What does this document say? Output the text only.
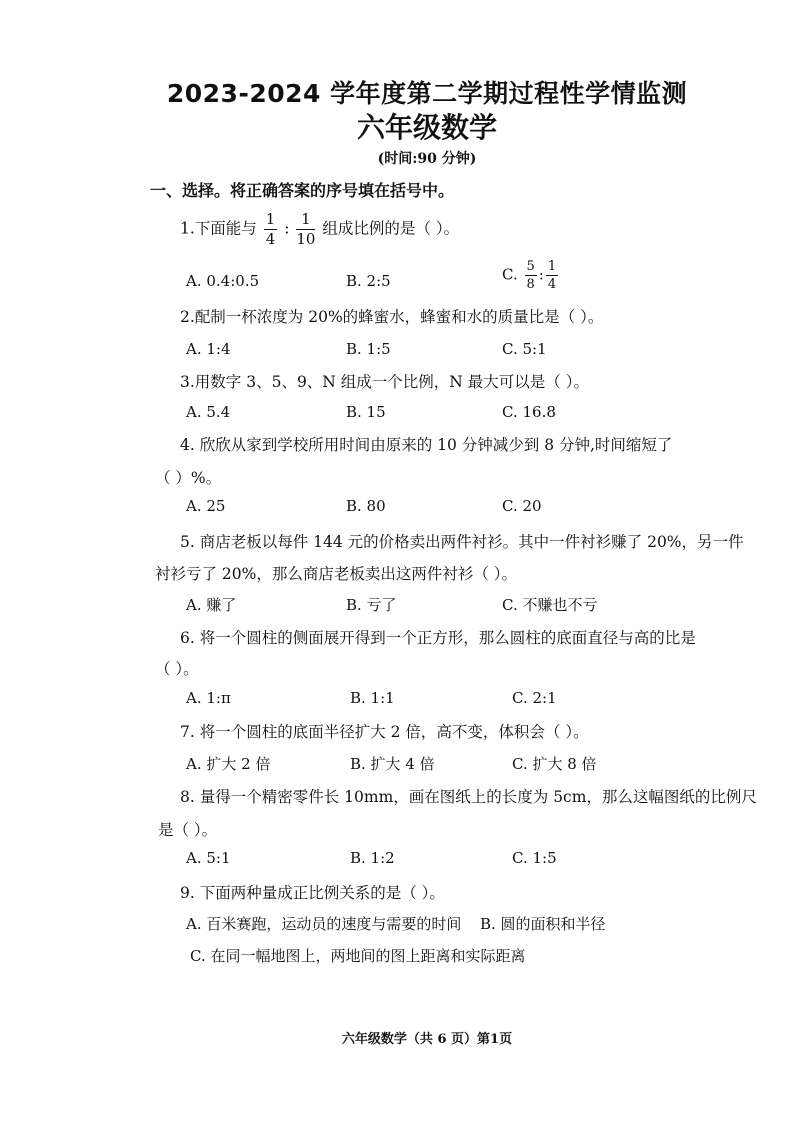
2023-2024 学年度第二学期过程性学情监测
六年级数学
(时间:90 分钟)
一、选择。将正确答案的序号填在括号中。
1.下面能与 $\frac{1}{4}$ : $\frac{1}{10}$ 组成比例的是（ ）。
A. 0.4:0.5	B. 2:5	C. $\frac{5}{8}$ : $\frac{1}{4}$
2.配制一杯浓度为 20%的蜂蜜水，蜂蜜和水的质量比是（ ）。
A. 1:4	B. 1:5	C. 5:1
3.用数字 3、5、9、N 组成一个比例，N 最大可以是（ ）。
A. 5.4	B. 15	C. 16.8
4. 欣欣从家到学校所用时间由原来的 10 分钟减少到 8 分钟,时间缩短了
（ ）%。
A. 25	B. 80	C. 20
5. 商店老板以每件 144 元的价格卖出两件衬衫。其中一件衬衫赚了 20%，另一件
衬衫亏了 20%，那么商店老板卖出这两件衬衫（ ）。
A. 赚了	B. 亏了	C. 不赚也不亏
6. 将一个圆柱的侧面展开得到一个正方形，那么圆柱的底面直径与高的比是
（ ）。
A. 1:π	B. 1:1	C. 2:1
7. 将一个圆柱的底面半径扩大 2 倍，高不变，体积会（ ）。
A. 扩大 2 倍	B. 扩大 4 倍	C. 扩大 8 倍
8. 量得一个精密零件长 10mm，画在图纸上的长度为 5cm，那么这幅图纸的比例尺
是（ ）。
A. 5:1	B. 1:2	C. 1:5
9. 下面两种量成正比例关系的是（ ）。
A. 百米赛跑，运动员的速度与需要的时间 B. 圆的面积和半径
C. 在同一幅地图上，两地间的图上距离和实际距离
六年级数学（共 6 页）第1页
